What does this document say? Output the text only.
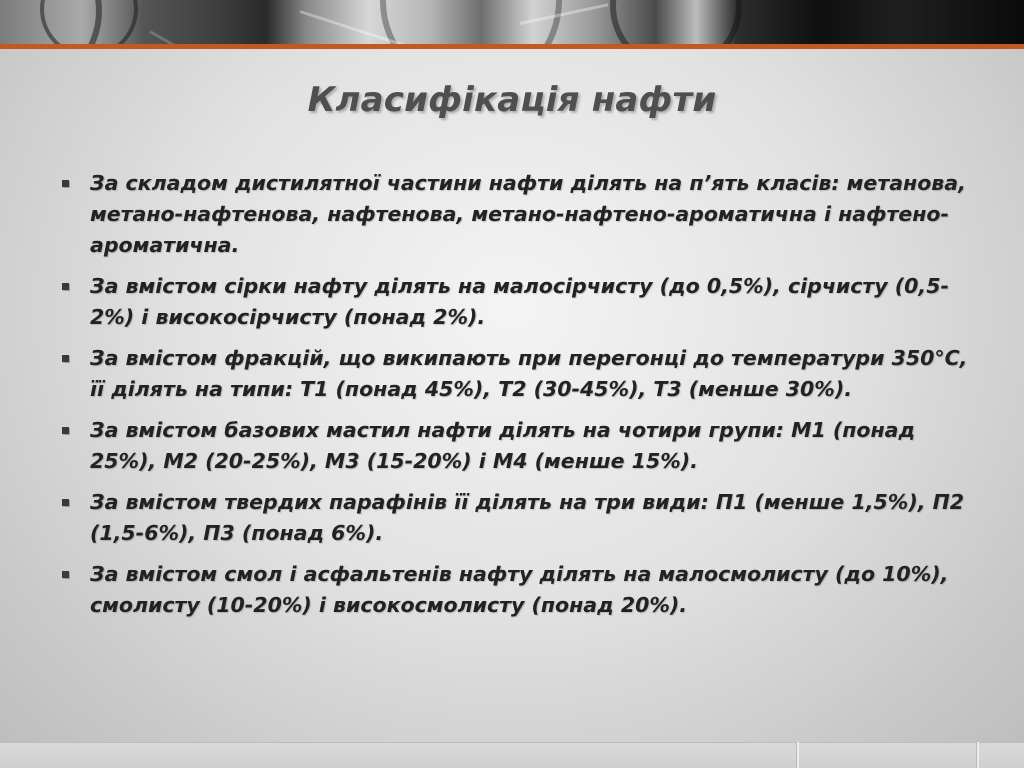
Класифікація нафти
За складом дистилятної частини нафти ділять на п’ять класів: метанова, метано-нафтенова, нафтенова, метано-нафтено-ароматична і нафтено-ароматична.
За вмістом сірки нафту ділять на малосірчисту (до 0,5%), сірчисту (0,5-2%) і високосірчисту (понад 2%).
За вмістом фракцій, що википають при перегонці до температури 350°С, її ділять на типи: Т1 (понад 45%), Т2 (30-45%), Т3 (менше 30%).
За вмістом базових мастил нафти ділять на чотири групи: М1 (понад 25%), М2 (20-25%), М3 (15-20%) і М4 (менше 15%).
За вмістом твердих парафінів її ділять на три види: П1 (менше 1,5%), П2 (1,5-6%), П3 (понад 6%).
За вмістом смол і асфальтенів нафту ділять на малосмолисту (до 10%), смолисту (10-20%) і високосмолисту (понад 20%).
